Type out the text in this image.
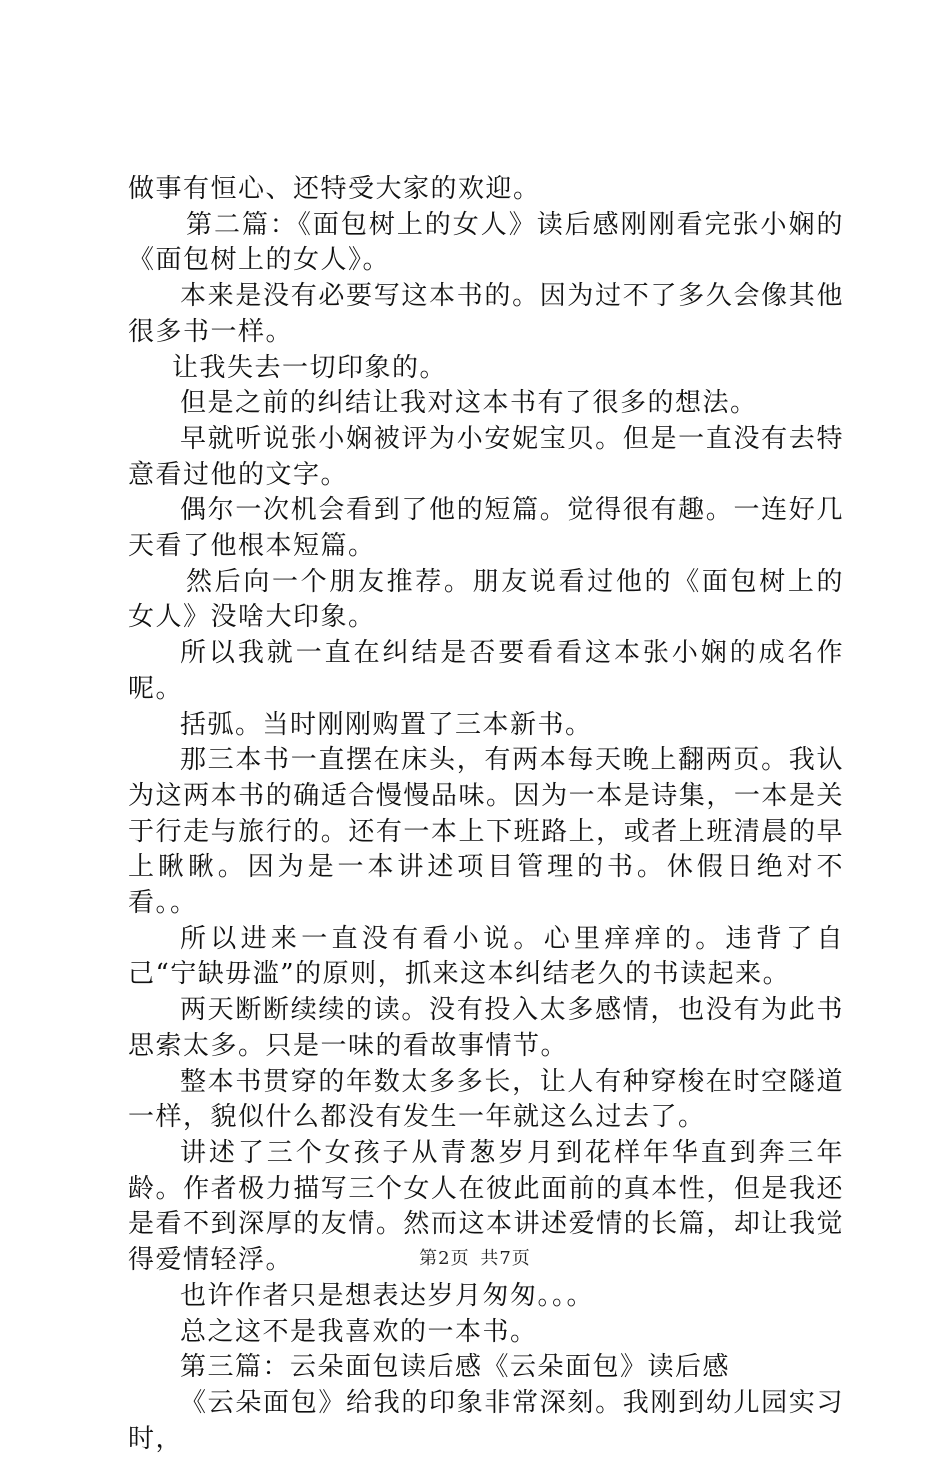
做事有恒心、还特受大家的欢迎。

第二篇：《面包树上的女人》读后感刚刚看完张小娴的《面包树上的女人》。

本来是没有必要写这本书的。因为过不了多久会像其他很多书一样。

让我失去一切印象的。

但是之前的纠结让我对这本书有了很多的想法。

早就听说张小娴被评为小安妮宝贝。但是一直没有去特意看过他的文字。

偶尔一次机会看到了他的短篇。觉得很有趣。一连好几天看了他根本短篇。

然后向一个朋友推荐。朋友说看过他的《面包树上的女人》没啥大印象。

所以我就一直在纠结是否要看看这本张小娴的成名作呢。

括弧。当时刚刚购置了三本新书。

那三本书一直摆在床头，有两本每天晚上翻两页。我认为这两本书的确适合慢慢品味。因为一本是诗集，一本是关于行走与旅行的。还有一本上下班路上，或者上班清晨的早上瞅瞅。因为是一本讲述项目管理的书。休假日绝对不看。。

所以进来一直没有看小说。心里痒痒的。违背了自己“宁缺毋滥”的原则，抓来这本纠结老久的书读起来。

两天断断续续的读。没有投入太多感情，也没有为此书思索太多。只是一味的看故事情节。

整本书贯穿的年数太多多长，让人有种穿梭在时空隧道一样，貌似什么都没有发生一年就这么过去了。

讲述了三个女孩子从青葱岁月到花样年华直到奔三年龄。作者极力描写三个女人在彼此面前的真本性，但是我还是看不到深厚的友情。然而这本讲述爱情的长篇，却让我觉得爱情轻浮。

也许作者只是想表达岁月匆匆。。。

总之这不是我喜欢的一本书。

第三篇：云朵面包读后感《云朵面包》读后感

《云朵面包》给我的印象非常深刻。我刚到幼儿园实习时，

第2页 共7页
